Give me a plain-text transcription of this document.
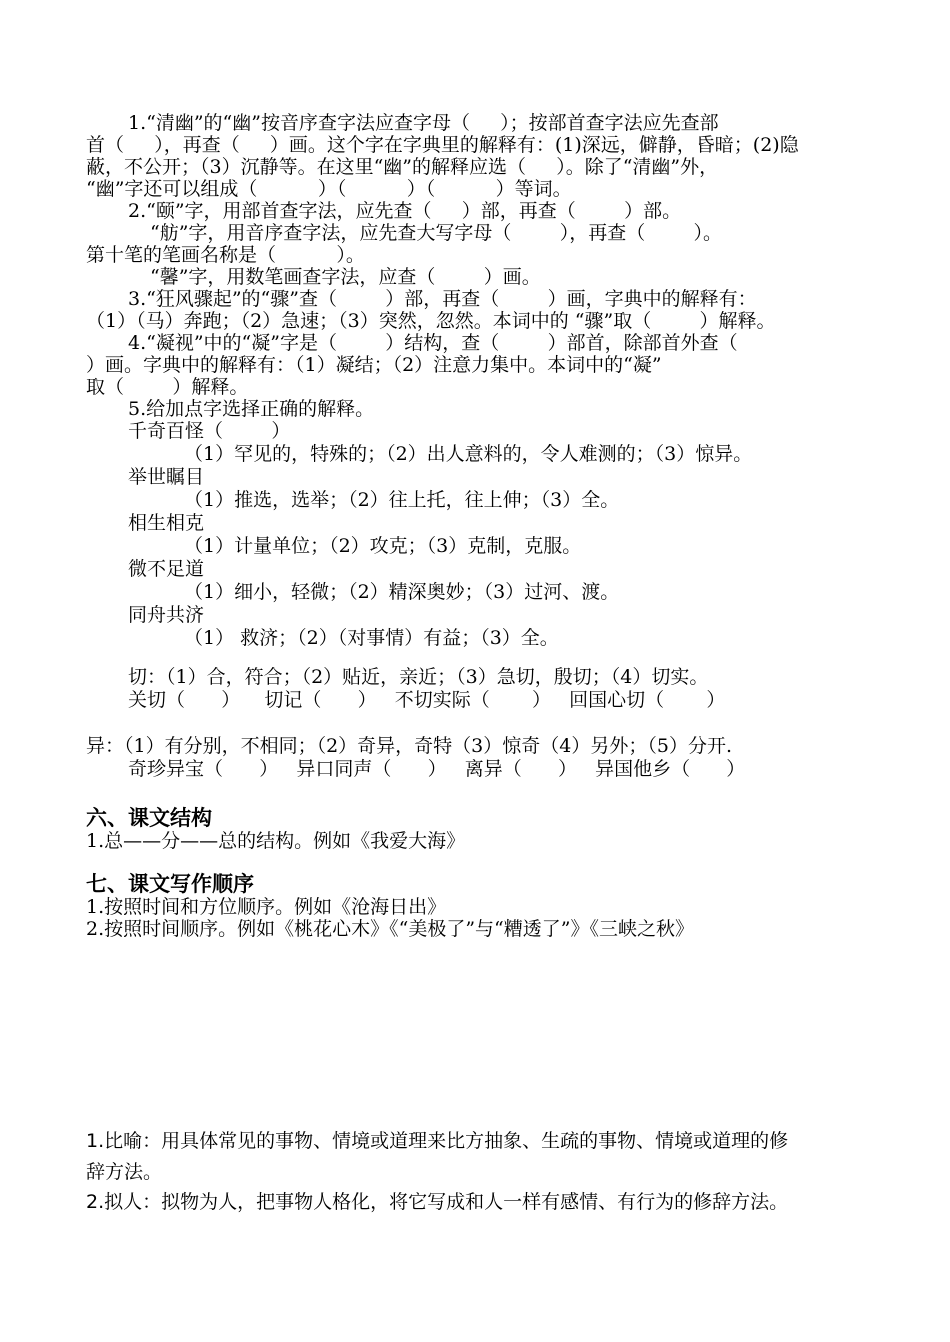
1.“清幽”的“幽”按音序查字法应查字母（     ）；按部首查字法应先查部
首（     ），再查（     ）画。这个字在字典里的解释有：(1)深远，僻静，昏暗；(2)隐
蔽，不公开；（3）沉静等。在这里“幽”的解释应选（     ）。除了“清幽”外，
“幽”字还可以组成（          ）（          ）（          ）等词。
2.“颐”字，用部首查字法，应先查（     ）部，再查（        ）部。
“舫”字，用音序查字法，应先查大写字母（        ），再查（        ）。
第十笔的笔画名称是（          ）。
“馨”字，用数笔画查字法，应查（        ）画。
3.“狂风骤起”的“骤”查（        ）部，再查（        ）画，字典中的解释有：
（1）（马）奔跑；（2）急速；（3）突然，忽然。本词中的 “骤”取（        ）解释。
4.“凝视”中的“凝”字是（        ）结构，查（        ）部首，除部首外查（
）画。字典中的解释有：（1）凝结；（2）注意力集中。本词中的“凝”
取（        ）解释。
5.给加点字选择正确的解释。
千奇百怪（        ）
（1）罕见的，特殊的；（2）出人意料的，令人难测的；（3）惊异。
举世瞩目
（1）推选，选举；（2）往上托，往上伸；（3）全。
相生相克
（1）计量单位；（2）攻克；（3）克制，克服。
微不足道
（1）细小，轻微；（2）精深奥妙；（3）过河、渡。
同舟共济
（1） 救济；（2）（对事情）有益；（3）全。
切：（1）合，符合；（2）贴近，亲近；（3）急切，殷切；（4）切实。
关切（      ）    切记（      ）   不切实际（       ）   回国心切（       ）
异：（1）有分别，不相同；（2）奇异，奇特（3）惊奇（4）另外；（5）分开.
奇珍异宝（      ）   异口同声（      ）   离异（      ）   异国他乡（      ）
六、课文结构
1.总——分——总的结构。例如《我爱大海》
七、课文写作顺序
1.按照时间和方位顺序。例如《沧海日出》
2.按照时间顺序。例如《桃花心木》《“美极了”与“糟透了”》《三峡之秋》
1.比喻：用具体常见的事物、情境或道理来比方抽象、生疏的事物、情境或道理的修
辞方法。
2.拟人：拟物为人，把事物人格化，将它写成和人一样有感情、有行为的修辞方法。
